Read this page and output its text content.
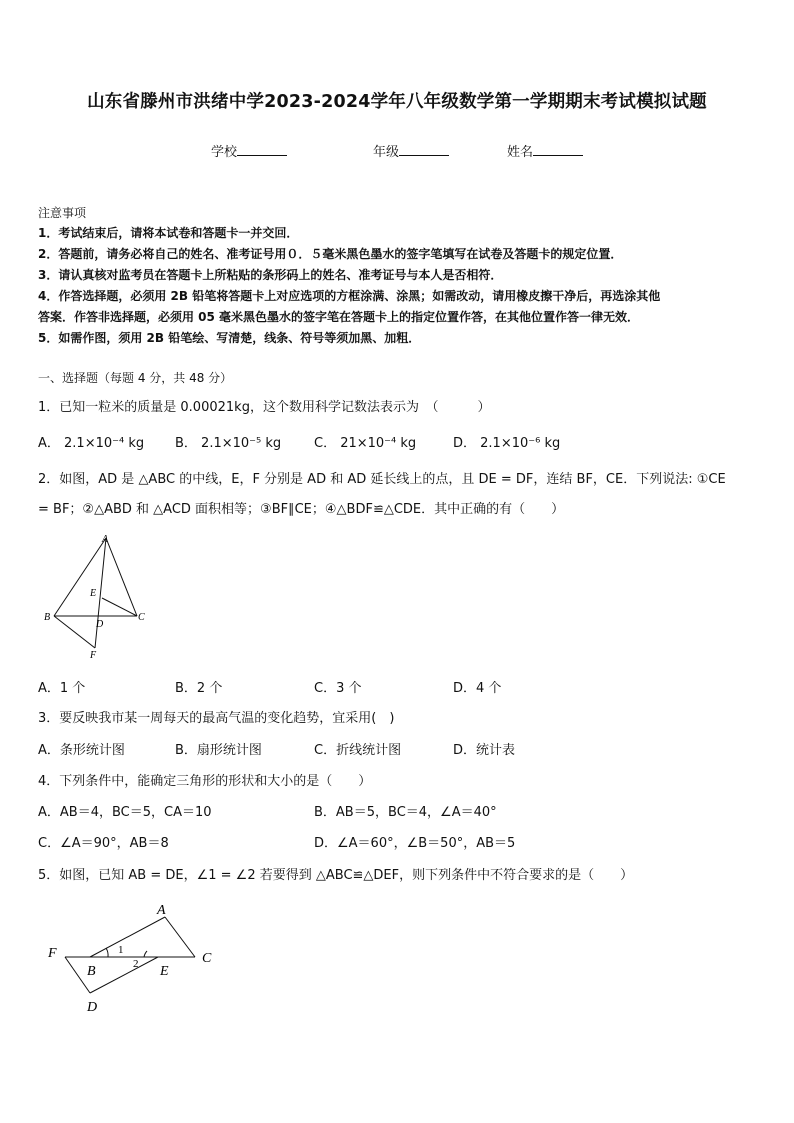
山东省滕州市洪绪中学2023-2024学年八年级数学第一学期期末考试模拟试题
学校	年级	姓名
注意事项
1．考试结束后，请将本试卷和答题卡一并交回．
2．答题前，请务必将自己的姓名、准考证号用０．５毫米黑色墨水的签字笔填写在试卷及答题卡的规定位置．
3．请认真核对监考员在答题卡上所粘贴的条形码上的姓名、准考证号与本人是否相符．
4．作答选择题，必须用 2B 铅笔将答题卡上对应选项的方框涂满、涂黑；如需改动，请用橡皮擦干净后，再选涂其他
答案．作答非选择题，必须用 05 毫米黑色墨水的签字笔在答题卡上的指定位置作答，在其他位置作答一律无效．
5．如需作图，须用 2B 铅笔绘、写清楚，线条、符号等须加黑、加粗．
一、选择题（每题 4 分，共 48 分）
1．已知一粒米的质量是 0.00021kg，这个数用科学记数法表示为　（　　　）
A． 2.1×10⁻⁴ kg B． 2.1×10⁻⁵ kg	C． 21×10⁻⁴ kg	D． 2.1×10⁻⁶ kg
2．如图，AD 是 △ABC 的中线，E，F 分别是 AD 和 AD 延长线上的点，且 DE = DF，连结 BF，CE．下列说法: ①CE
= BF；②△ABD 和 △ACD 面积相等；③BF∥CE；④△BDF≌△CDE．其中正确的有（　　）
A
B	C
D
E
F
A．1 个	B．2 个	C．3 个	D．4 个
3．要反映我市某一周每天的最高气温的变化趋势，宜采用(　)
A．条形统计图	B．扇形统计图	C．折线统计图	D．统计表
4．下列条件中，能确定三角形的形状和大小的是（　　）
A．AB＝4，BC＝5，CA＝10	B．AB＝5，BC＝4，∠A＝40°
C．∠A＝90°，AB＝8	D．∠A＝60°，∠B＝50°，AB＝5
5．如图，已知 AB = DE，∠1 = ∠2 若要得到 △ABC≌△DEF，则下列条件中不符合要求的是（　　）
A
F
B	E
C
D
1
2
